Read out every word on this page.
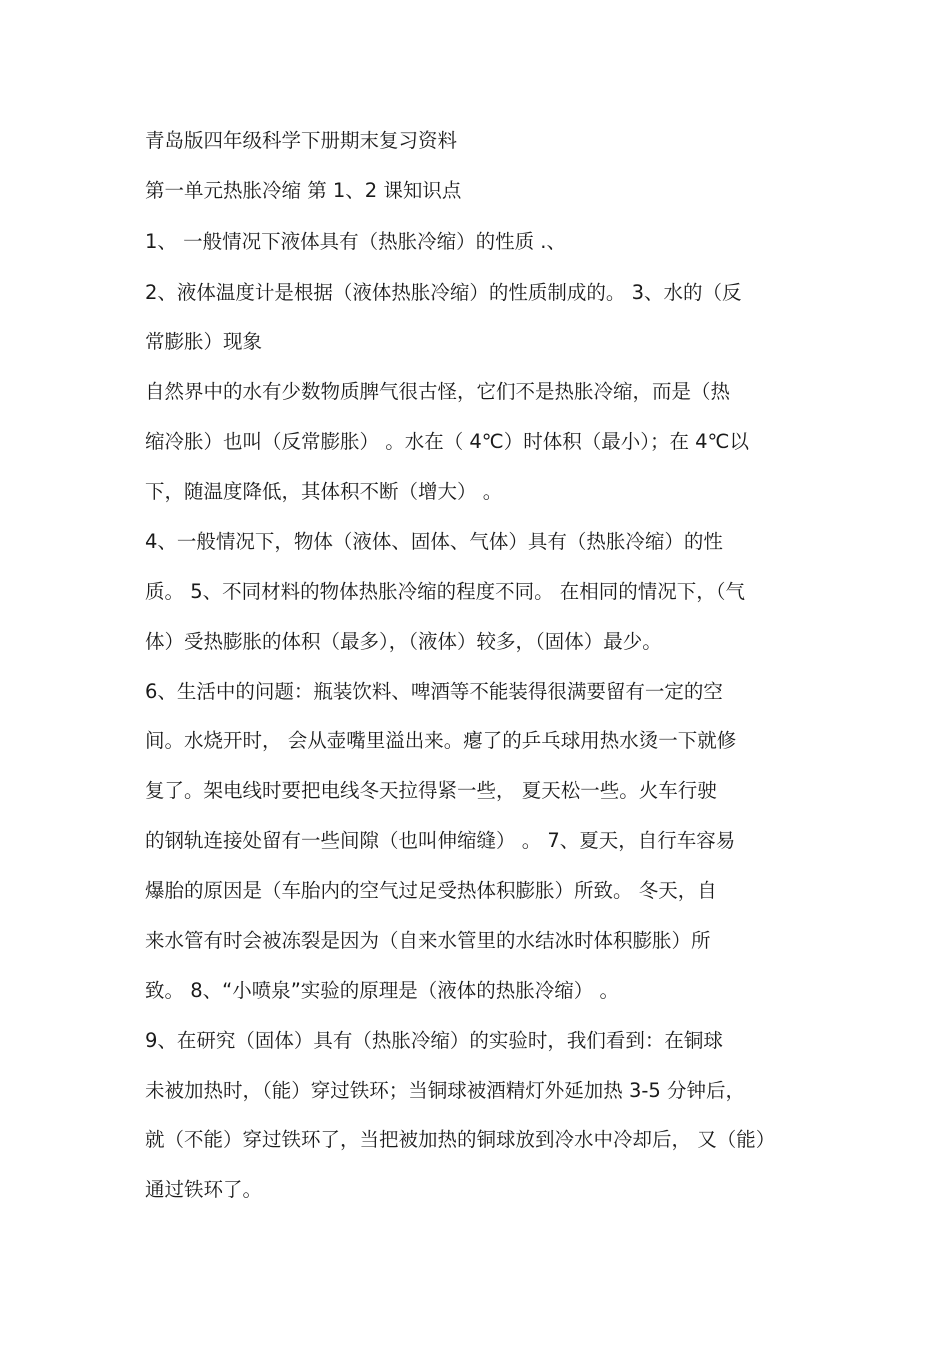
青岛版四年级科学下册期末复习资料
第一单元热胀冷缩 第 1、2 课知识点
1、 一般情况下液体具有（热胀冷缩）的性质 .、
2、液体温度计是根据（液体热胀冷缩）的性质制成的。 3、水的（反
常膨胀）现象
自然界中的水有少数物质脾气很古怪，它们不是热胀冷缩，而是（热
缩冷胀）也叫（反常膨胀） 。水在（ 4℃）时体积（最小）；在 4℃以
下，随温度降低，其体积不断（增大） 。
4、一般情况下，物体（液体、固体、气体）具有（热胀冷缩）的性
质。 5、不同材料的物体热胀冷缩的程度不同。 在相同的情况下，（气
体）受热膨胀的体积（最多），（液体）较多，（固体）最少。
6、生活中的问题：瓶装饮料、啤酒等不能装得很满要留有一定的空
间。水烧开时， 会从壶嘴里溢出来。瘪了的乒乓球用热水烫一下就修
复了。架电线时要把电线冬天拉得紧一些， 夏天松一些。火车行驶
的钢轨连接处留有一些间隙（也叫伸缩缝） 。 7、夏天，自行车容易
爆胎的原因是（车胎内的空气过足受热体积膨胀）所致。 冬天，自
来水管有时会被冻裂是因为（自来水管里的水结冰时体积膨胀）所
致。 8、“小喷泉”实验的原理是（液体的热胀冷缩） 。
9、在研究（固体）具有（热胀冷缩）的实验时，我们看到：在铜球
未被加热时，（能）穿过铁环；当铜球被酒精灯外延加热 3-5 分钟后，
就（不能）穿过铁环了，当把被加热的铜球放到冷水中冷却后， 又（能）
通过铁环了。
